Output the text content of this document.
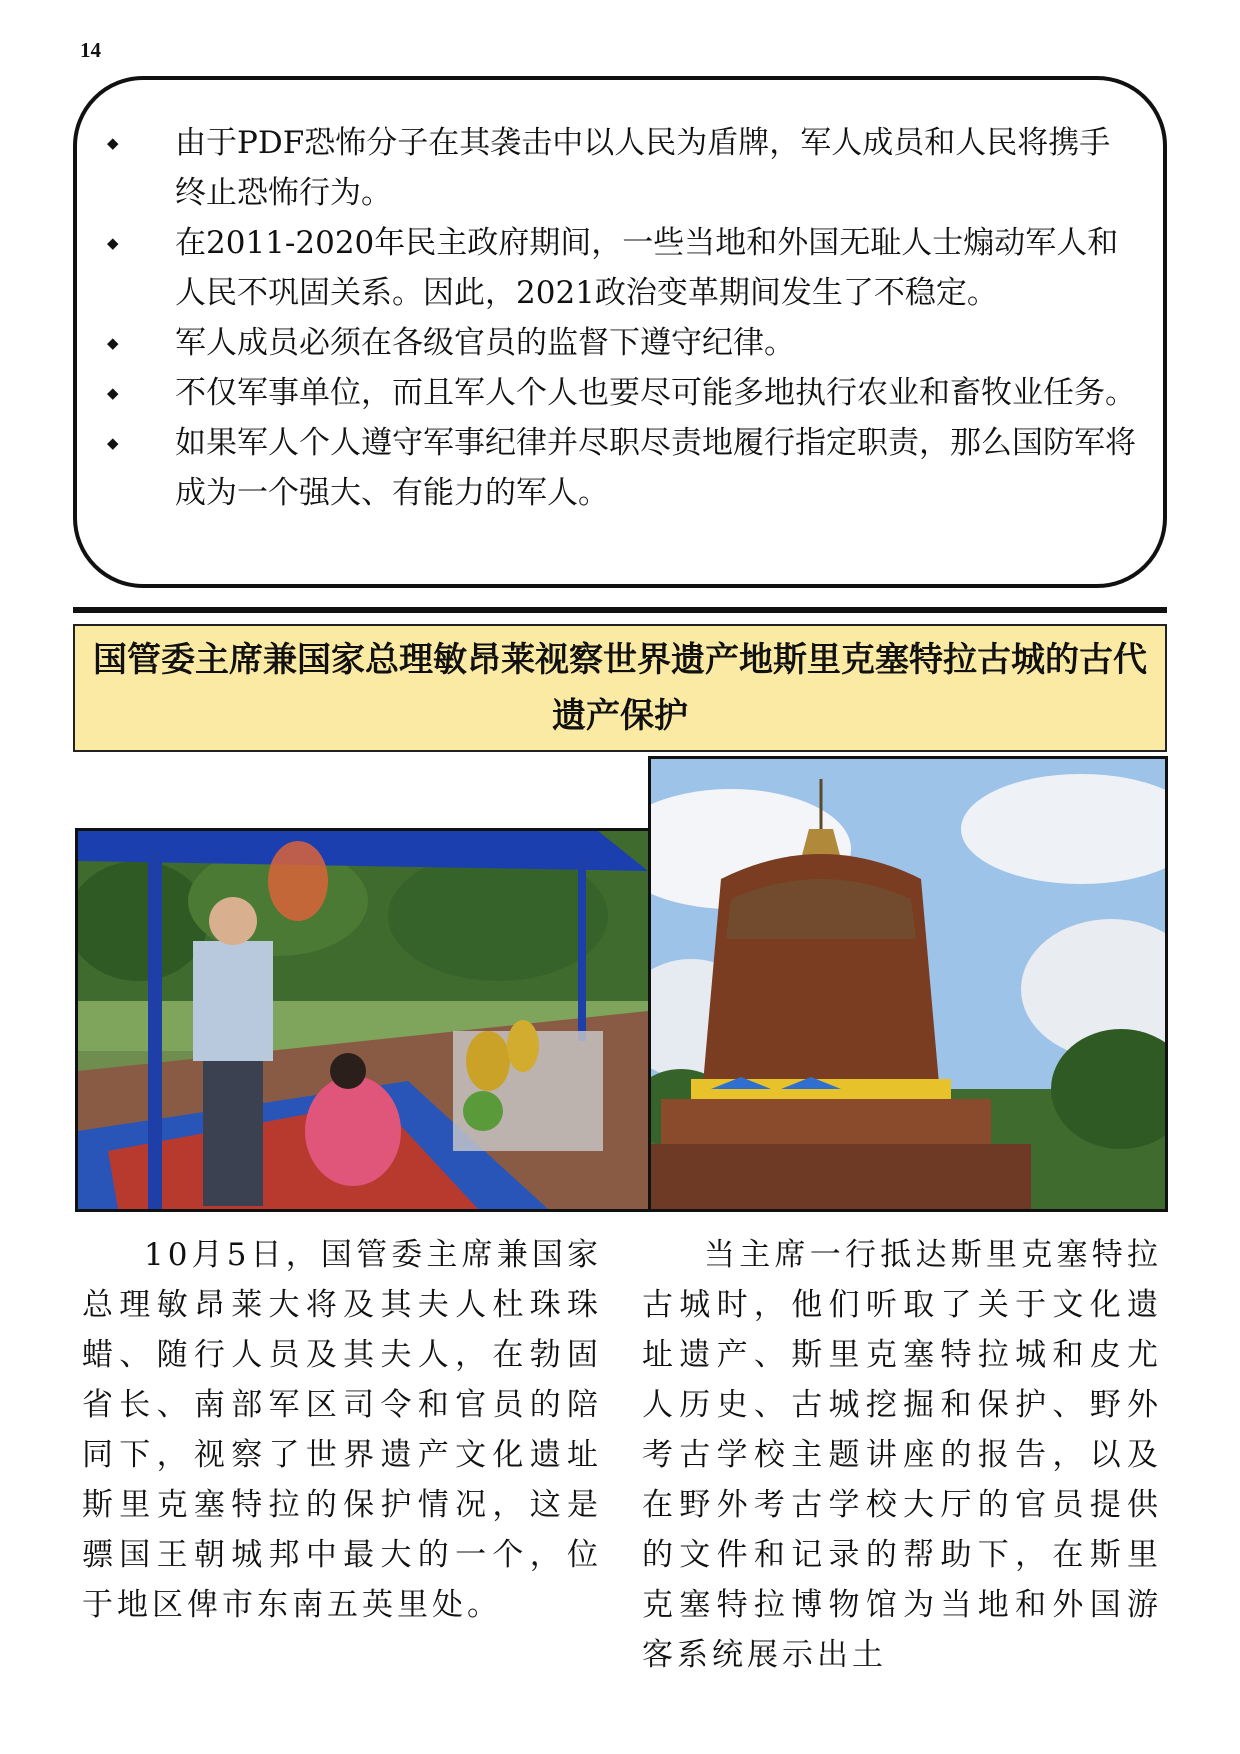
14
◆	由于PDF恐怖分子在其袭击中以人民为盾牌，军人成员和人民将携手终止恐怖行为。
◆	在2011-2020年民主政府期间，一些当地和外国无耻人士煽动军人和人民不巩固关系。因此，2021政治变革期间发生了不稳定。
◆	军人成员必须在各级官员的监督下遵守纪律。
◆	不仅军事单位，而且军人个人也要尽可能多地执行农业和畜牧业任务。
◆	如果军人个人遵守军事纪律并尽职尽责地履行指定职责，那么国防军将成为一个强大、有能力的军人。
国管委主席兼国家总理敏昂莱视察世界遗产地斯里克塞特拉古城的古代遗产保护

10月5日，国管委主席兼国家总理敏昂莱大将及其夫人杜珠珠蜡、随行人员及其夫人，在勃固省长、南部军区司令和官员的陪同下，视察了世界遗产文化遗址斯里克塞特拉的保护情况，这是骠国王朝城邦中最大的一个，位于地区俾市东南五英里处。

当主席一行抵达斯里克塞特拉古城时，他们听取了关于文化遗址遗产、斯里克塞特拉城和皮尤人历史、古城挖掘和保护、野外考古学校主题讲座的报告，以及在野外考古学校大厅的官员提供的文件和记录的帮助下，在斯里克塞特拉博物馆为当地和外国游客系统展示出土
